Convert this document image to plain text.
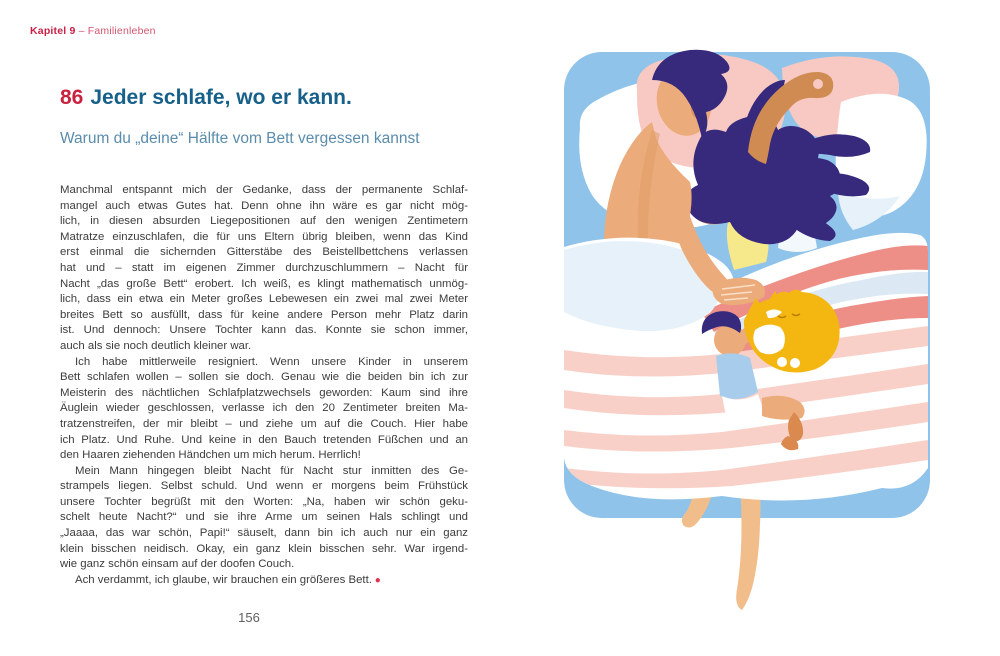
Kapitel 9 – Familienleben
86 Jeder schlafe, wo er kann.
Warum du „deine“ Hälfte vom Bett vergessen kannst
Manchmal entspannt mich der Gedanke, dass der permanente Schlaf-
mangel auch etwas Gutes hat. Denn ohne ihn wäre es gar nicht mög-
lich, in diesen absurden Liegepositionen auf den wenigen Zentimetern
Matratze einzuschlafen, die für uns Eltern übrig bleiben, wenn das Kind
erst einmal die sichernden Gitterstäbe des Beistellbettchens verlassen
hat und – statt im eigenen Zimmer durchzuschlummern – Nacht für
Nacht „das große Bett“ erobert. Ich weiß, es klingt mathematisch unmög-
lich, dass ein etwa ein Meter großes Lebewesen ein zwei mal zwei Meter
breites Bett so ausfüllt, dass für keine andere Person mehr Platz darin
ist. Und dennoch: Unsere Tochter kann das. Konnte sie schon immer,
auch als sie noch deutlich kleiner war.
Ich habe mittlerweile resigniert. Wenn unsere Kinder in unserem
Bett schlafen wollen – sollen sie doch. Genau wie die beiden bin ich zur
Meisterin des nächtlichen Schlafplatzwechsels geworden: Kaum sind ihre
Äuglein wieder geschlossen, verlasse ich den 20 Zentimeter breiten Ma-
tratzenstreifen, der mir bleibt – und ziehe um auf die Couch. Hier habe
ich Platz. Und Ruhe. Und keine in den Bauch tretenden Füßchen und an
den Haaren ziehenden Händchen um mich herum. Herrlich!
Mein Mann hingegen bleibt Nacht für Nacht stur inmitten des Ge-
strampels liegen. Selbst schuld. Und wenn er morgens beim Frühstück
unsere Tochter begrüßt mit den Worten: „Na, haben wir schön geku-
schelt heute Nacht?“ und sie ihre Arme um seinen Hals schlingt und
„Jaaaa, das war schön, Papi!“ säuselt, dann bin ich auch nur ein ganz
klein bisschen neidisch. Okay, ein ganz klein bisschen sehr. War irgend-
wie ganz schön einsam auf der doofen Couch.
Ach verdammt, ich glaube, wir brauchen ein größeres Bett. ●
156
